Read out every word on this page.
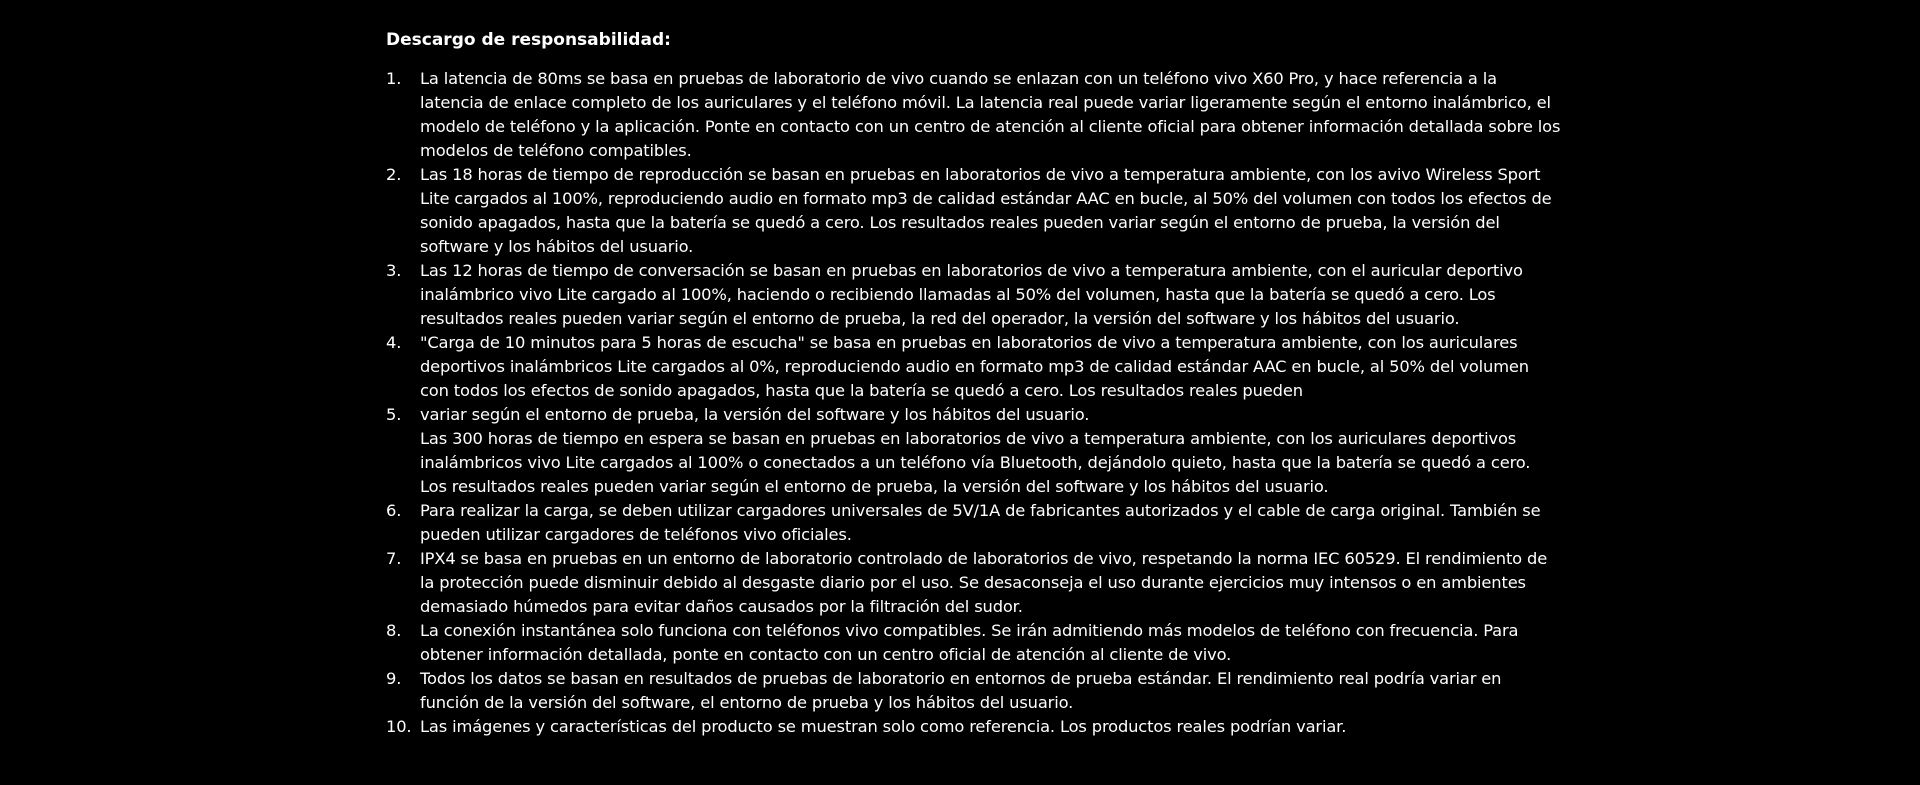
Descargo de responsabilidad:
1.	La latencia de 80ms se basa en pruebas de laboratorio de vivo cuando se enlazan con un teléfono vivo X60 Pro, y hace referencia a la latencia de enlace completo de los auriculares y el teléfono móvil. La latencia real puede variar ligeramente según el entorno inalámbrico, el modelo de teléfono y la aplicación. Ponte en contacto con un centro de atención al cliente oficial para obtener información detallada sobre los modelos de teléfono compatibles.
2.	Las 18 horas de tiempo de reproducción se basan en pruebas en laboratorios de vivo a temperatura ambiente, con los avivo Wireless Sport Lite cargados al 100%, reproduciendo audio en formato mp3 de calidad estándar AAC en bucle, al 50% del volumen con todos los efectos de sonido apagados, hasta que la batería se quedó a cero. Los resultados reales pueden variar según el entorno de prueba, la versión del software y los hábitos del usuario.
3.	Las 12 horas de tiempo de conversación se basan en pruebas en laboratorios de vivo a temperatura ambiente, con el auricular deportivo inalámbrico vivo Lite cargado al 100%, haciendo o recibiendo llamadas al 50% del volumen, hasta que la batería se quedó a cero. Los resultados reales pueden variar según el entorno de prueba, la red del operador, la versión del software y los hábitos del usuario.
4.	"Carga de 10 minutos para 5 horas de escucha" se basa en pruebas en laboratorios de vivo a temperatura ambiente, con los auriculares deportivos inalámbricos Lite cargados al 0%, reproduciendo audio en formato mp3 de calidad estándar AAC en bucle, al 50% del volumen con todos los efectos de sonido apagados, hasta que la batería se quedó a cero. Los resultados reales pueden
5.	variar según el entorno de prueba, la versión del software y los hábitos del usuario.
Las 300 horas de tiempo en espera se basan en pruebas en laboratorios de vivo a temperatura ambiente, con los auriculares deportivos inalámbricos vivo Lite cargados al 100% o conectados a un teléfono vía Bluetooth, dejándolo quieto, hasta que la batería se quedó a cero. Los resultados reales pueden variar según el entorno de prueba, la versión del software y los hábitos del usuario.
6.	Para realizar la carga, se deben utilizar cargadores universales de 5V/1A de fabricantes autorizados y el cable de carga original. También se pueden utilizar cargadores de teléfonos vivo oficiales.
7.	IPX4 se basa en pruebas en un entorno de laboratorio controlado de laboratorios de vivo, respetando la norma IEC 60529. El rendimiento de la protección puede disminuir debido al desgaste diario por el uso. Se desaconseja el uso durante ejercicios muy intensos o en ambientes demasiado húmedos para evitar daños causados por la filtración del sudor.
8.	La conexión instantánea solo funciona con teléfonos vivo compatibles. Se irán admitiendo más modelos de teléfono con frecuencia. Para obtener información detallada, ponte en contacto con un centro oficial de atención al cliente de vivo.
9.	Todos los datos se basan en resultados de pruebas de laboratorio en entornos de prueba estándar. El rendimiento real podría variar en función de la versión del software, el entorno de prueba y los hábitos del usuario.
10. Las imágenes y características del producto se muestran solo como referencia. Los productos reales podrían variar.
